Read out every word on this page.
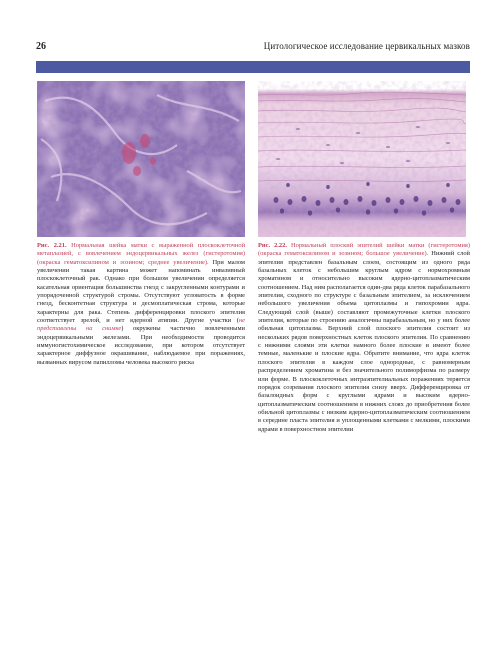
26	Цитологическое исследование цервикальных мазков
Рис. 2.21. Нормальная шейка матки с выраженной плоскоклеточной метаплазией, с вовлечением эндоцервикальных желез (гистеротомия) (окраска гематоксилином и эозином; среднее увеличение). При малом увеличении такая картина может напоминать инвазивный плоскоклеточный рак. Однако при большом увеличении определяется касательная ориентация большинства гнезд с закругленными контурами и упорядоченной структурой стромы. Отсутствуют угловатость в форме гнезд, бесконтетная структура и десмоплатическая строма, которые характерны для рака. Степень дифференцировки плоского эпителия соответствует зрелой, и нет ядерной атипии. Другие участки (не представлены на снимке) окружены частично вовлеченными эндоцервикальными железами. При необходимости проводится иммуногистохимическое исследование, при котором отсутствует характерное диффузное окрашивание, наблюдаемое при поражениях, вызванных вирусом папилломы человека высокого риска
Рис. 2.22. Нормальный плоский эпителий шейки матки (гистеротомия) (окраска гематоксилином и эозином; большое увеличение). Нижний слой эпителия представлен базальным слоем, состоящим из одного ряда базальных клеток с небольшим круглым ядром с нормохромным хроматином и относительно высоким ядерно-цитоплазматическим соотношением. Над ним располагается один-два ряда клеток парабазального эпителия, сходного по структуре с базальным эпителием, за исключением небольшого увеличения объема цитоплазмы и гипохромии ядра. Следующий слой (выше) составляют промежуточные клетки плоского эпителия, которые по строению аналогичны парабазальным, но у них более обильная цитоплазма. Верхний слой плоского эпителия состоит из нескольких рядов поверхностных клеток плоского эпителия. По сравнению с нижними слоями эти клетки намного более плоские и имеют более темные, маленькие и плоские ядра. Обратите внимание, что ядра клеток плоского эпителия в каждом слое однородные, с равномерным распределением хроматина и без значительного полиморфизма по размеру или форме. В плоскоклеточных интраэпителиальных поражениях теряется порядок созревания плоского эпителия снизу вверх. Дифференцировка от базалоидных форм с круглыми ядрами и высоким ядерно-цитоплазматическим соотношением в нижних слоях до приобретения более обильной цитоплазмы с низким ядерно-цитоплазматическим соотношением в середине пласта эпителия и уплощенными клетками с мелкими, плоскими ядрами в поверхностном эпителии
